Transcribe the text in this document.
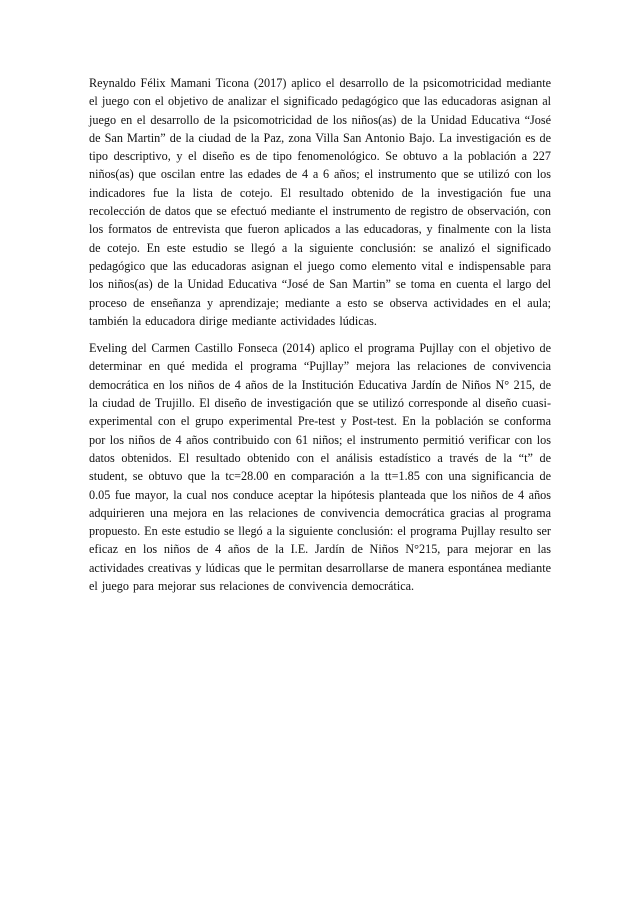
Reynaldo Félix Mamani Ticona (2017) aplico el desarrollo de la psicomotricidad mediante el juego con el objetivo de analizar el significado pedagógico que las educadoras asignan al juego en el desarrollo de la psicomotricidad de los niños(as) de la Unidad Educativa “José de San Martin” de la ciudad de la Paz, zona Villa San Antonio Bajo. La investigación es de tipo descriptivo, y el diseño es de tipo fenomenológico. Se obtuvo a la población a 227 niños(as) que oscilan entre las edades de 4 a 6 años; el instrumento que se utilizó con los indicadores fue la lista de cotejo. El resultado obtenido de la investigación fue una recolección de datos que se efectuó mediante el instrumento de registro de observación, con los formatos de entrevista que fueron aplicados a las educadoras, y finalmente con la lista de cotejo. En este estudio se llegó a la siguiente conclusión: se analizó el significado pedagógico que las educadoras asignan el juego como elemento vital e indispensable para los niños(as) de la Unidad Educativa “José de San Martin” se toma en cuenta el largo del proceso de enseñanza y aprendizaje; mediante a esto se observa actividades en el aula; también la educadora dirige mediante actividades lúdicas.

Eveling del Carmen Castillo Fonseca (2014) aplico el programa Pujllay con el objetivo de determinar en qué medida el programa “Pujllay” mejora las relaciones de convivencia democrática en los niños de 4 años de la Institución Educativa Jardín de Niños N° 215, de la ciudad de Trujillo. El diseño de investigación que se utilizó corresponde al diseño cuasi-experimental con el grupo experimental Pre-test y Post-test. En la población se conforma por los niños de 4 años contribuido con 61 niños; el instrumento permitió verificar con los datos obtenidos. El resultado obtenido con el análisis estadístico a través de la “t” de student, se obtuvo que la tc=28.00 en comparación a la tt=1.85 con una significancia de 0.05 fue mayor, la cual nos conduce aceptar la hipótesis planteada que los niños de 4 años adquirieren una mejora en las relaciones de convivencia democrática gracias al programa propuesto. En este estudio se llegó a la siguiente conclusión: el programa Pujllay resulto ser eficaz en los niños de 4 años de la I.E. Jardín de Niños N°215, para mejorar en las actividades creativas y lúdicas que le permitan desarrollarse de manera espontánea mediante el juego para mejorar sus relaciones de convivencia democrática.
